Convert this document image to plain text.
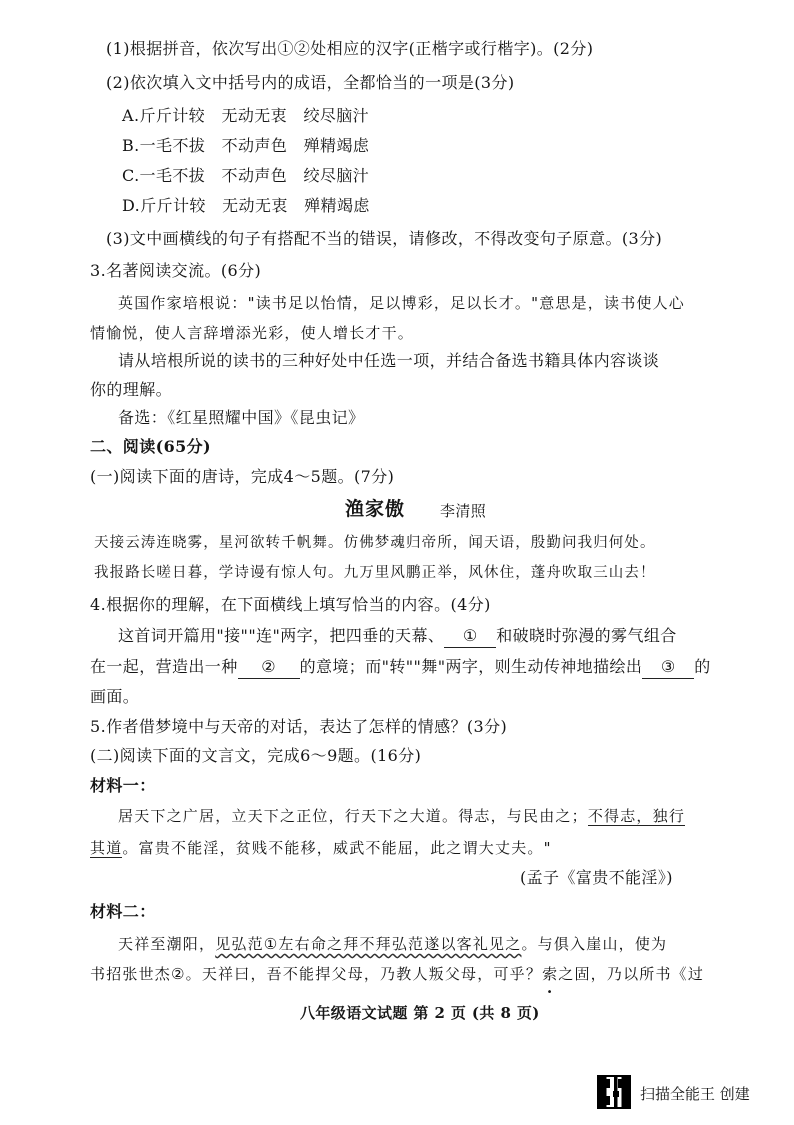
(1)根据拼音，依次写出①②处相应的汉字(正楷字或行楷字)。(2分)
(2)依次填入文中括号内的成语，全都恰当的一项是(3分)
A.斤斤计较　无动无衷　绞尽脑汁
B.一毛不拔　不动声色　殚精竭虑
C.一毛不拔　不动声色　绞尽脑汁
D.斤斤计较　无动无衷　殚精竭虑
(3)文中画横线的句子有搭配不当的错误，请修改，不得改变句子原意。(3分)
3.名著阅读交流。(6分)
英国作家培根说："读书足以怡情，足以博彩，足以长才。"意思是，读书使人心
情愉悦，使人言辞增添光彩，使人增长才干。
请从培根所说的读书的三种好处中任选一项，并结合备选书籍具体内容谈谈
你的理解。
备选：《红星照耀中国》《昆虫记》
二、阅读(65分)
(一)阅读下面的唐诗，完成4～5题。(7分)
渔家傲 李清照
天接云涛连晓雾，星河欲转千帆舞。仿佛梦魂归帝所，闻天语，殷勤问我归何处。
我报路长嗟日暮，学诗谩有惊人句。九万里风鹏正举，风休住，蓬舟吹取三山去！
4.根据你的理解，在下面横线上填写恰当的内容。(4分)
这首词开篇用"接""连"两字，把四垂的天幕、 ① 和破晓时弥漫的雾气组合
在一起，营造出一种 ② 的意境；而"转""舞"两字，则生动传神地描绘出 ③ 的
画面。
5.作者借梦境中与天帝的对话，表达了怎样的情感？(3分)
(二)阅读下面的文言文，完成6～9题。(16分)
材料一：
居天下之广居，立天下之正位，行天下之大道。得志，与民由之；不得志，独行
其道。富贵不能淫，贫贱不能移，威武不能屈，此之谓大丈夫。"
(孟子《富贵不能淫》)
材料二：
天祥至潮阳，见弘范①左右命之拜不拜弘范遂以客礼见之。与俱入崖山，使为
书招张世杰②。天祥曰，吾不能捍父母，乃教人叛父母，可乎？索之固，乃以所书《过
八年级语文试题 第 2 页 (共 8 页)
扫描全能王 创建
